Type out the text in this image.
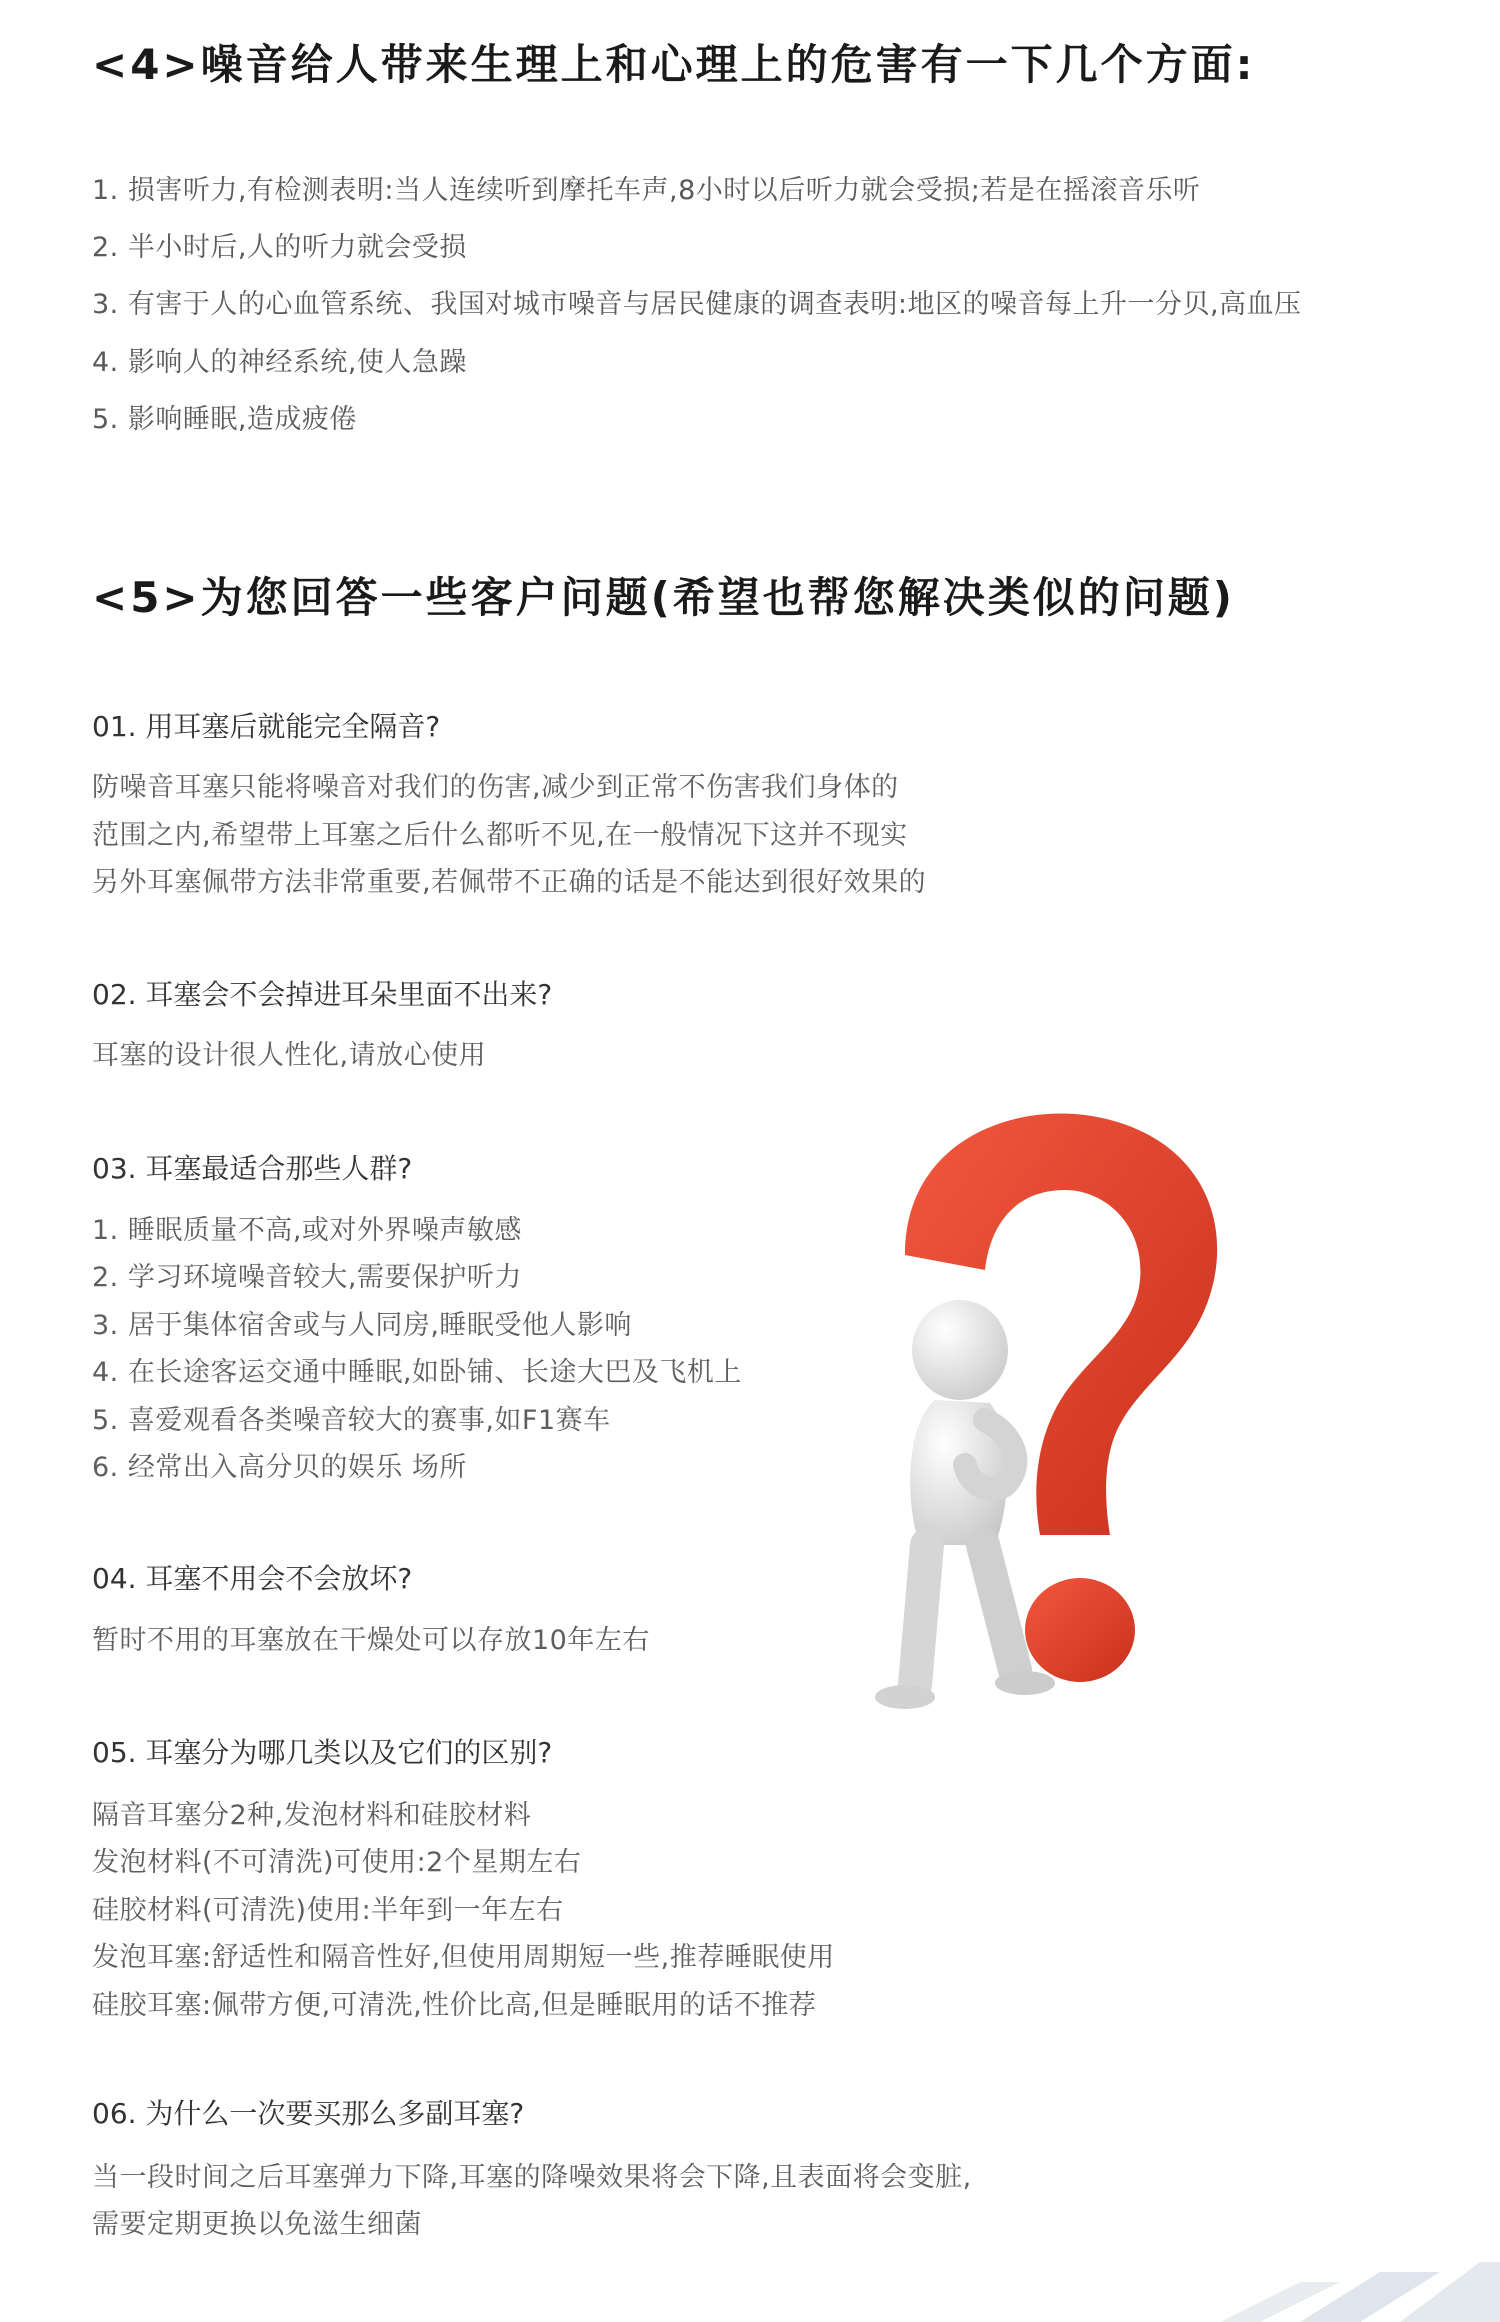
<4>噪音给人带来生理上和心理上的危害有一下几个方面:
1. 损害听力,有检测表明:当人连续听到摩托车声,8小时以后听力就会受损;若是在摇滚音乐听
2. 半小时后,人的听力就会受损
3. 有害于人的心血管系统、我国对城市噪音与居民健康的调查表明:地区的噪音每上升一分贝,高血压
4. 影响人的神经系统,使人急躁
5. 影响睡眠,造成疲倦
<5>为您回答一些客户问题(希望也帮您解决类似的问题)
01. 用耳塞后就能完全隔音?
防噪音耳塞只能将噪音对我们的伤害,减少到正常不伤害我们身体的
范围之内,希望带上耳塞之后什么都听不见,在一般情况下这并不现实
另外耳塞佩带方法非常重要,若佩带不正确的话是不能达到很好效果的
02. 耳塞会不会掉进耳朵里面不出来?
耳塞的设计很人性化,请放心使用
03. 耳塞最适合那些人群?
1. 睡眠质量不高,或对外界噪声敏感
2. 学习环境噪音较大,需要保护听力
3. 居于集体宿舍或与人同房,睡眠受他人影响
4. 在长途客运交通中睡眠,如卧铺、长途大巴及飞机上
5. 喜爱观看各类噪音较大的赛事,如F1赛车
6. 经常出入高分贝的娱乐 场所
04. 耳塞不用会不会放坏?
暂时不用的耳塞放在干燥处可以存放10年左右
05. 耳塞分为哪几类以及它们的区别?
隔音耳塞分2种,发泡材料和硅胶材料
发泡材料(不可清洗)可使用:2个星期左右
硅胶材料(可清洗)使用:半年到一年左右
发泡耳塞:舒适性和隔音性好,但使用周期短一些,推荐睡眠使用
硅胶耳塞:佩带方便,可清洗,性价比高,但是睡眠用的话不推荐
06. 为什么一次要买那么多副耳塞?
当一段时间之后耳塞弹力下降,耳塞的降噪效果将会下降,且表面将会变脏,
需要定期更换以免滋生细菌
